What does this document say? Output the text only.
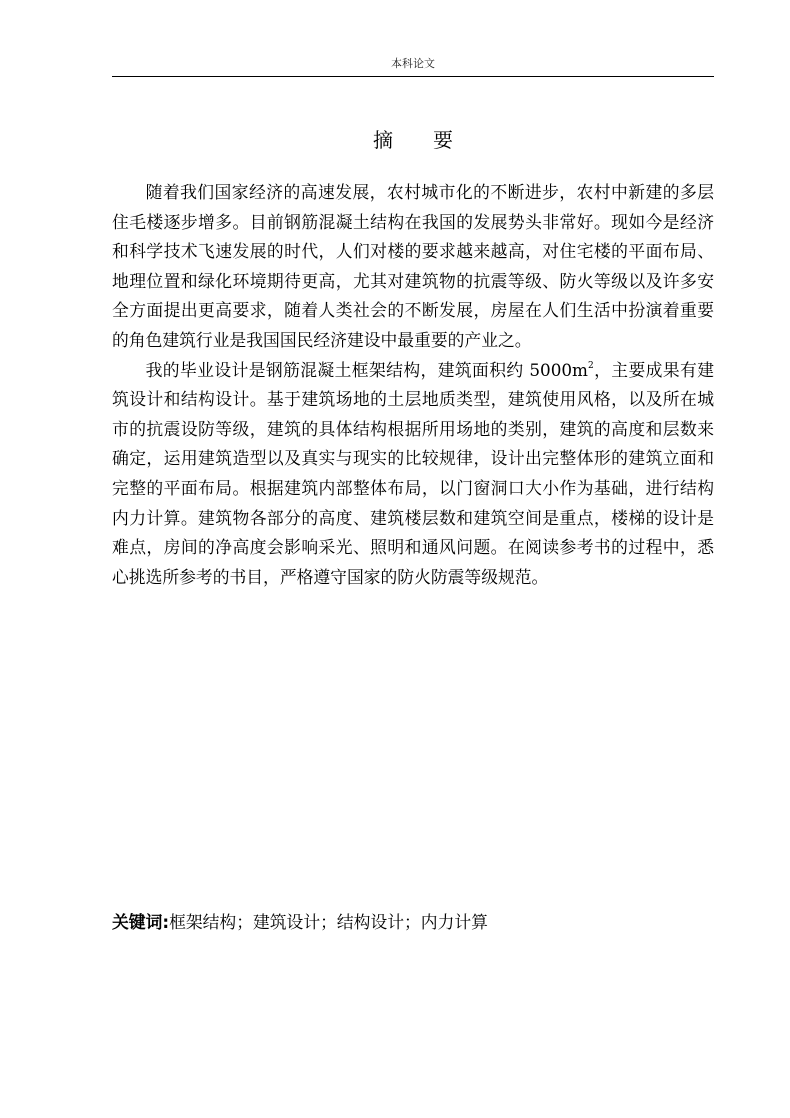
本科论文
摘要

随着我们国家经济的高速发展，农村城市化的不断进步，农村中新建的多层住毛楼逐步增多。目前钢筋混凝土结构在我国的发展势头非常好。现如今是经济和科学技术飞速发展的时代，人们对楼的要求越来越高，对住宅楼的平面布局、地理位置和绿化环境期待更高，尤其对建筑物的抗震等级、防火等级以及许多安全方面提出更高要求，随着人类社会的不断发展，房屋在人们生活中扮演着重要的角色建筑行业是我国国民经济建设中最重要的产业之。

我的毕业设计是钢筋混凝土框架结构，建筑面积约 $5000m^2$，主要成果有建筑设计和结构设计。基于建筑场地的土层地质类型，建筑使用风格，以及所在城市的抗震设防等级，建筑的具体结构根据所用场地的类别，建筑的高度和层数来确定，运用建筑造型以及真实与现实的比较规律，设计出完整体形的建筑立面和完整的平面布局。根据建筑内部整体布局，以门窗洞口大小作为基础，进行结构内力计算。建筑物各部分的高度、建筑楼层数和建筑空间是重点，楼梯的设计是难点，房间的净高度会影响采光、照明和通风问题。在阅读参考书的过程中，悉心挑选所参考的书目，严格遵守国家的防火防震等级规范。

关键词:框架结构；建筑设计；结构设计；内力计算
